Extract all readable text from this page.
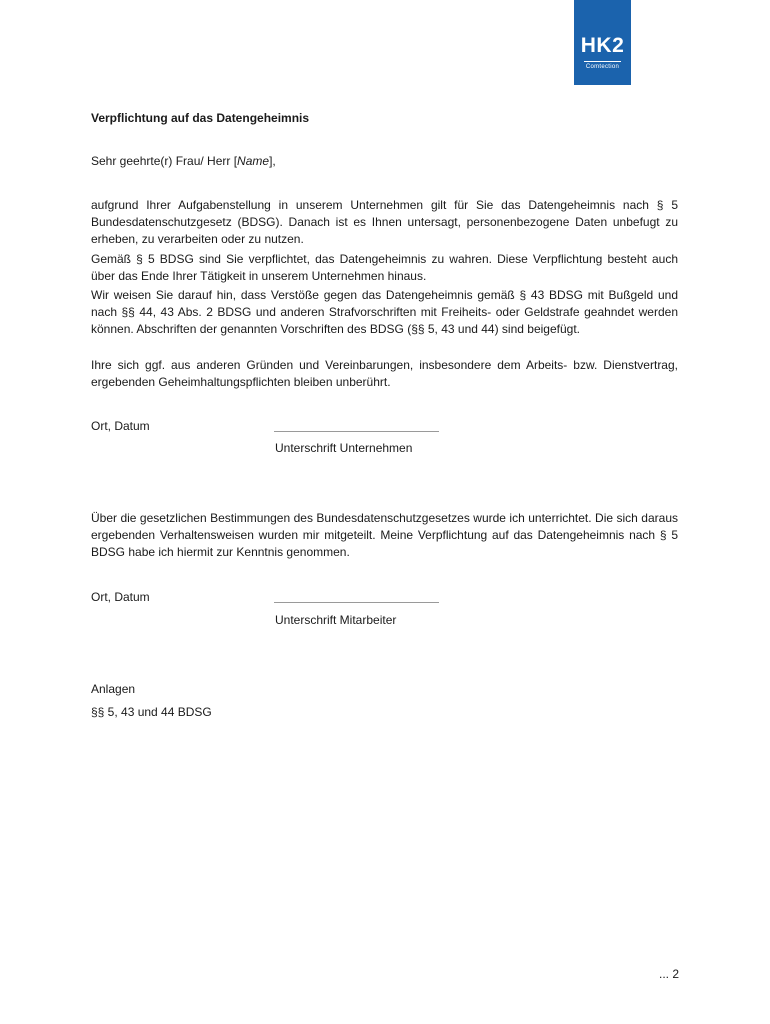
HK2
Comtection
Verpflichtung auf das Datengeheimnis
Sehr geehrte(r) Frau/ Herr [Name],

aufgrund Ihrer Aufgabenstellung in unserem Unternehmen gilt für Sie das Datengeheimnis nach § 5 Bundesdatenschutzgesetz (BDSG). Danach ist es Ihnen untersagt, personenbezogene Daten unbefugt zu erheben, zu verarbeiten oder zu nutzen.

Gemäß § 5 BDSG sind Sie verpflichtet, das Datengeheimnis zu wahren. Diese Verpflichtung besteht auch über das Ende Ihrer Tätigkeit in unserem Unternehmen hinaus.

Wir weisen Sie darauf hin, dass Verstöße gegen das Datengeheimnis gemäß § 43 BDSG mit Bußgeld und nach §§ 44, 43 Abs. 2 BDSG und anderen Strafvorschriften mit Freiheits- oder Geldstrafe geahndet werden können. Abschriften der genannten Vorschriften des BDSG (§§ 5, 43 und 44) sind beigefügt.

Ihre sich ggf. aus anderen Gründen und Vereinbarungen, insbesondere dem Arbeits- bzw. Dienstvertrag, ergebenden Geheimhaltungspflichten bleiben unberührt.

Ort, Datum
Unterschrift Unternehmen

Über die gesetzlichen Bestimmungen des Bundesdatenschutzgesetzes wurde ich unterrichtet. Die sich daraus ergebenden Verhaltensweisen wurden mir mitgeteilt. Meine Verpflichtung auf das Datengeheimnis nach § 5 BDSG habe ich hiermit zur Kenntnis genommen.

Ort, Datum
Unterschrift Mitarbeiter
Anlagen
§§ 5, 43 und 44 BDSG
... 2
